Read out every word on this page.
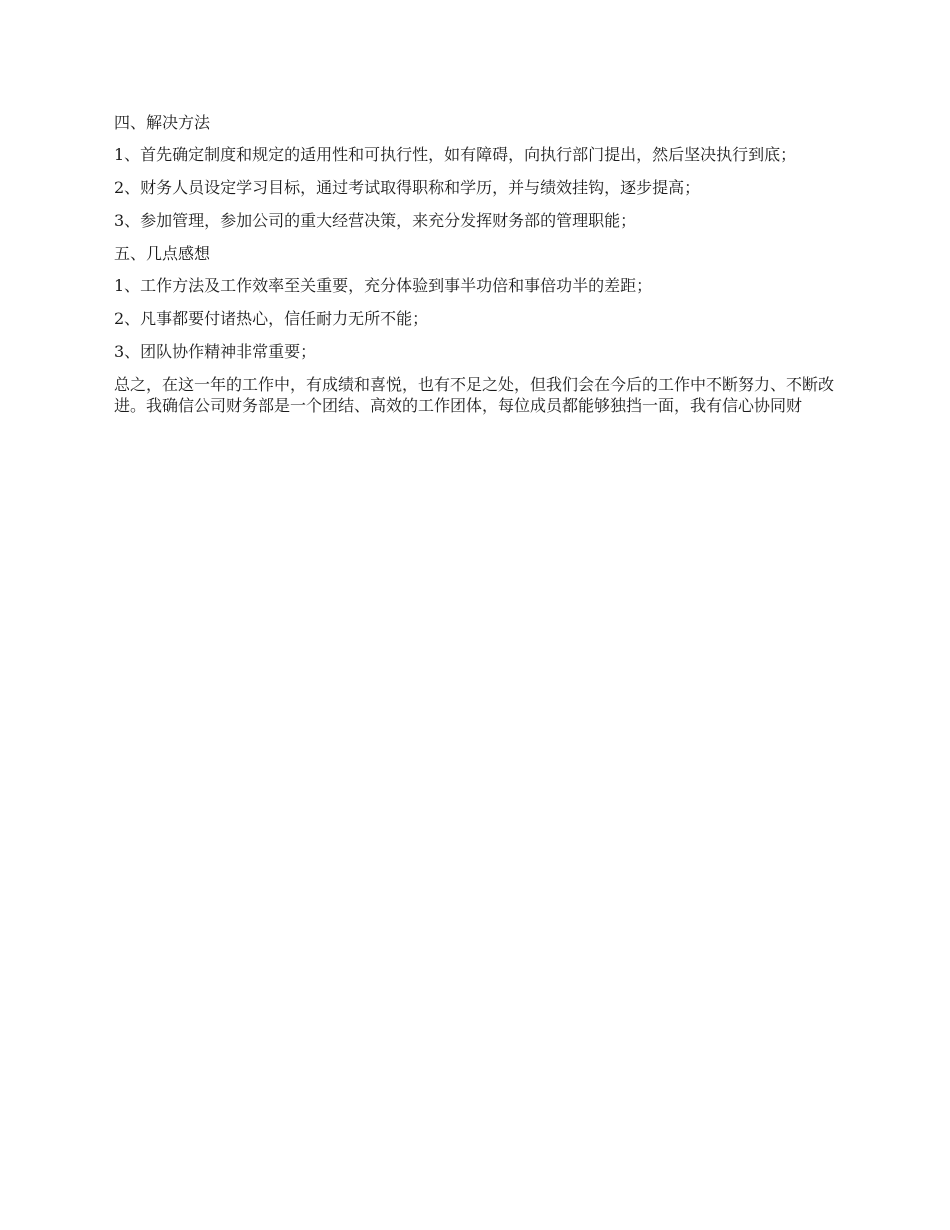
四、解决方法

1、首先确定制度和规定的适用性和可执行性，如有障碍，向执行部门提出，然后坚决执行到底；

2、财务人员设定学习目标，通过考试取得职称和学历，并与绩效挂钩，逐步提高；

3、参加管理，参加公司的重大经营决策，来充分发挥财务部的管理职能；

五、几点感想

1、工作方法及工作效率至关重要，充分体验到事半功倍和事倍功半的差距；

2、凡事都要付诸热心，信任耐力无所不能；

3、团队协作精神非常重要；

总之，在这一年的工作中，有成绩和喜悦，也有不足之处，但我们会在今后的工作中不断努力、不断改进。我确信公司财务部是一个团结、高效的工作团体，每位成员都能够独挡一面，我有信心协同财
